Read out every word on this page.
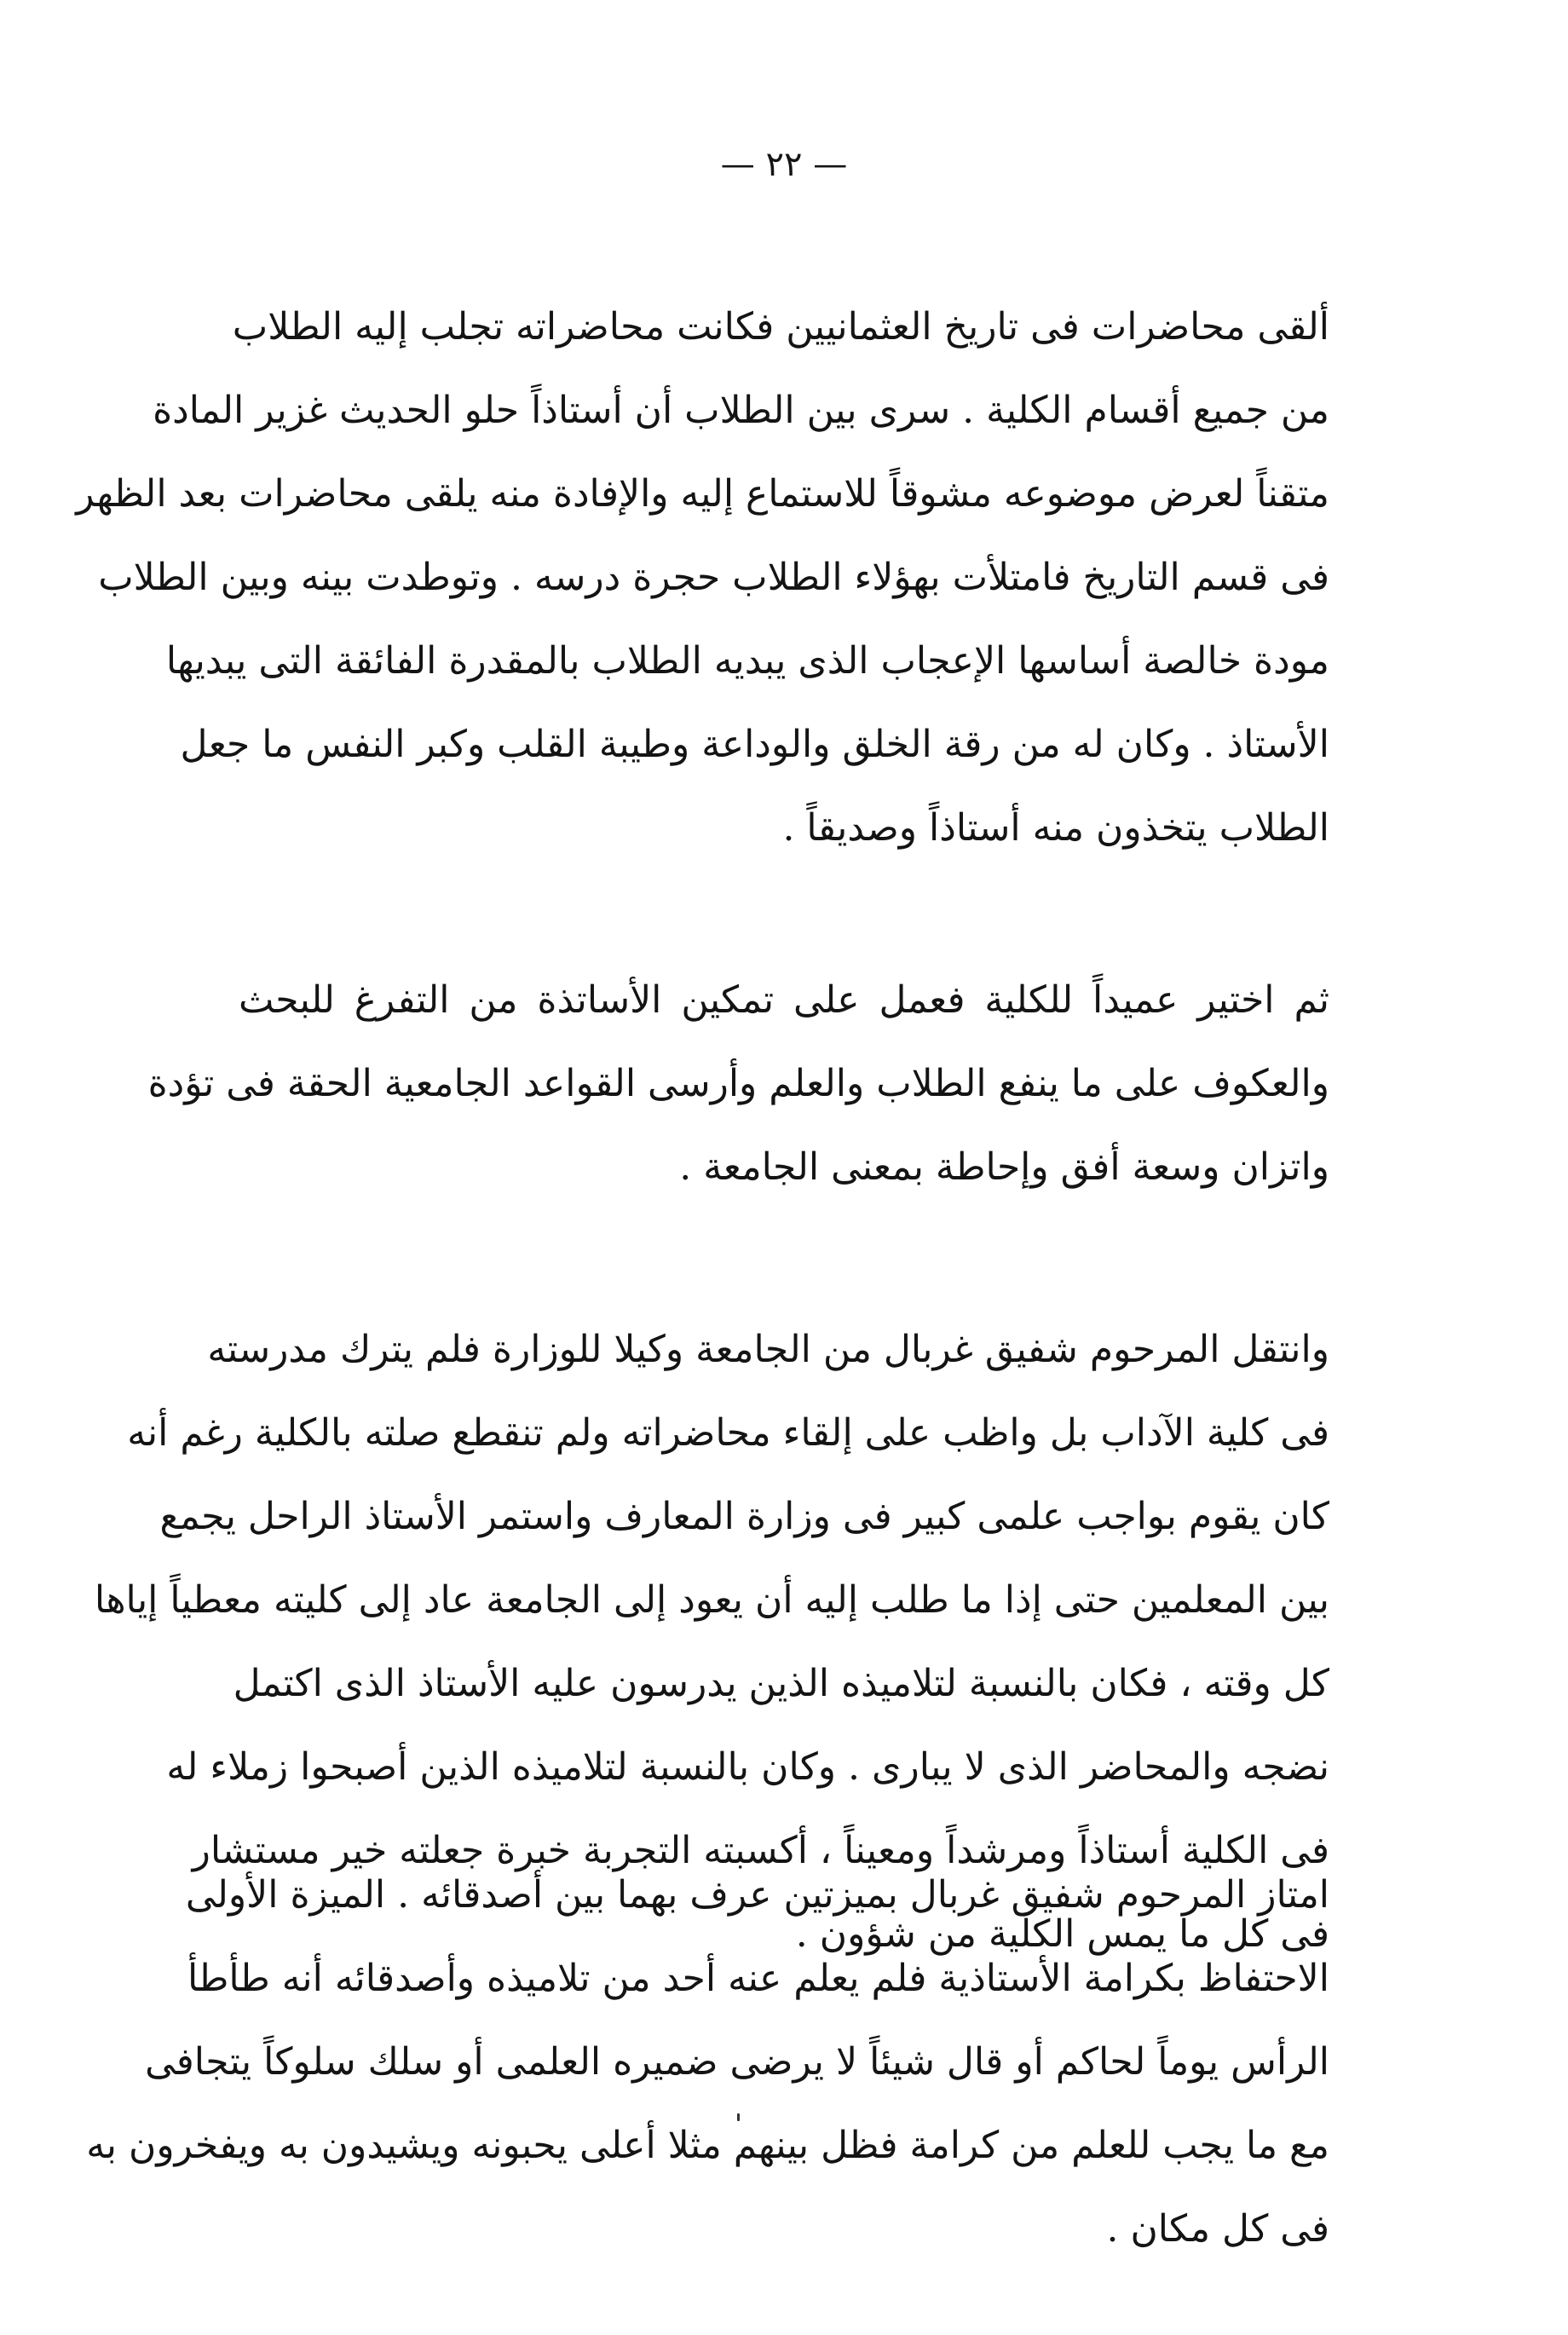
— ٢٢ —
ألقى محاضرات فى تاريخ العثمانيين فكانت محاضراته تجلب إليه الطلاب
من جميع أقسام الكلية . سرى بين الطلاب أن أستاذاً حلو الحديث غزير المادة
متقناً لعرض موضوعه مشوقاً للاستماع إليه والإفادة منه يلقى محاضرات بعد الظهر
فى قسم التاريخ فامتلأت بهؤلاء الطلاب حجرة درسه . وتوطدت بينه وبين الطلاب
مودة خالصة أساسها الإعجاب الذى يبديه الطلاب بالمقدرة الفائقة التى يبديها
الأستاذ . وكان له من رقة الخلق والوداعة وطيبة القلب وكبر النفس ما جعل
الطلاب يتخذون منه أستاذاً وصديقاً .
ثم اختير عميداً للكلية فعمل على تمكين الأساتذة من التفرغ للبحث
والعكوف على ما ينفع الطلاب والعلم وأرسى القواعد الجامعية الحقة فى تؤدة
واتزان وسعة أفق وإحاطة بمعنى الجامعة .
وانتقل المرحوم شفيق غربال من الجامعة وكيلا للوزارة فلم يترك مدرسته
فى كلية الآداب بل واظب على إلقاء محاضراته ولم تنقطع صلته بالكلية رغم أنه
كان يقوم بواجب علمى كبير فى وزارة المعارف واستمر الأستاذ الراحل يجمع
بين المعلمين حتى إذا ما طلب إليه أن يعود إلى الجامعة عاد إلى كليته معطياً إياها
كل وقته ، فكان بالنسبة لتلاميذه الذين يدرسون عليه الأستاذ الذى اكتمل
نضجه والمحاضر الذى لا يبارى . وكان بالنسبة لتلاميذه الذين أصبحوا زملاء له
فى الكلية أستاذاً ومرشداً ومعيناً ، أكسبته التجربة خبرة جعلته خير مستشار
فى كل ما يمس الكلية من شؤون .
امتاز المرحوم شفيق غربال بميزتين عرف بهما بين أصدقائه . الميزة الأولى
الاحتفاظ بكرامة الأستاذية فلم يعلم عنه أحد من تلاميذه وأصدقائه أنه طأطأ
الرأس يوماً لحاكم أو قال شيئاً لا يرضى ضميره العلمى أو سلك سلوكاً يتجافى
مع ما يجب للعلم من كرامة فظل بينهم مثلا أعلى يحبونه ويشيدون به ويفخرون به
فى كل مكان .
